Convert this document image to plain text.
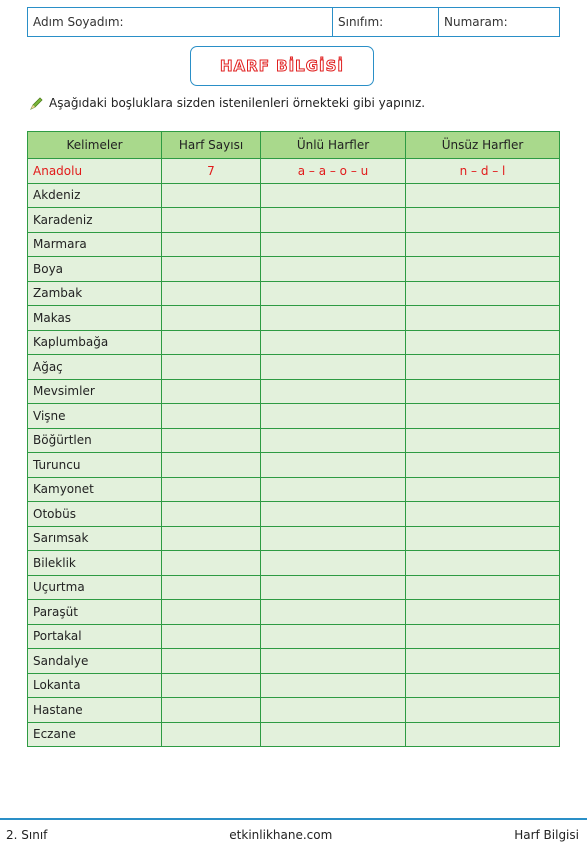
Adım Soyadım:	Sınıfım:	Numaram:
HARF BİLGİSİ
Aşağıdaki boşluklara sizden istenilenleri örnekteki gibi yapınız.
Kelimeler	Harf Sayısı	Ünlü Harfler	Ünsüz Harfler
Anadolu	7	a – a – o – u	n – d – l
Akdeniz			
Karadeniz			
Marmara			
Boya			
Zambak			
Makas			
Kaplumbağa			
Ağaç			
Mevsimler			
Vişne			
Böğürtlen			
Turuncu			
Kamyonet			
Otobüs			
Sarımsak			
Bileklik			
Uçurtma			
Paraşüt			
Portakal			
Sandalye			
Lokanta			
Hastane			
Eczane			
2. Sınıf	etkinlikhane.com	Harf Bilgisi
